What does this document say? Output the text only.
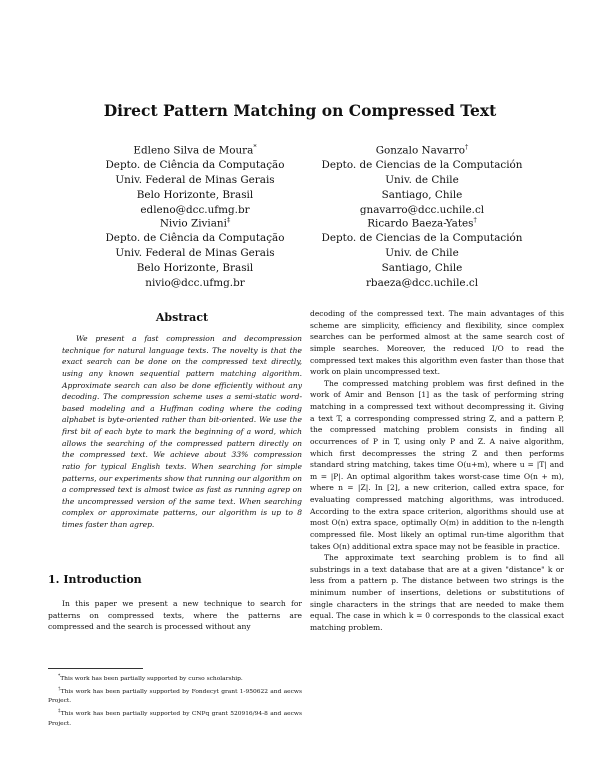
Direct Pattern Matching on Compressed Text
Edleno Silva de Moura*
Depto. de Ciência da Computação
Univ. Federal de Minas Gerais
Belo Horizonte, Brasil
edleno@dcc.ufmg.br
Gonzalo Navarro†
Depto. de Ciencias de la Computación
Univ. de Chile
Santiago, Chile
gnavarro@dcc.uchile.cl
Nivio Ziviani‡
Depto. de Ciência da Computação
Univ. Federal de Minas Gerais
Belo Horizonte, Brasil
nivio@dcc.ufmg.br
Ricardo Baeza-Yates†
Depto. de Ciencias de la Computación
Univ. de Chile
Santiago, Chile
rbaeza@dcc.uchile.cl
Abstract

We present a fast compression and decompression technique for natural language texts. The novelty is that the exact search can be done on the compressed text directly, using any known sequential pattern matching algorithm. Approximate search can also be done efficiently without any decoding. The compression scheme uses a semi-static word-based modeling and a Huffman coding where the coding alphabet is byte-oriented rather than bit-oriented. We use the first bit of each byte to mark the beginning of a word, which allows the searching of the compressed pattern directly on the compressed text. We achieve about 33% compression ratio for typical English texts. When searching for simple patterns, our experiments show that running our algorithm on a compressed text is almost twice as fast as running agrep on the uncompressed version of the same text. When searching complex or approximate patterns, our algorithm is up to 8 times faster than agrep.

1. Introduction

In this paper we present a new technique to search for patterns on compressed texts, where the patterns are compressed and the search is processed without any

*This work has been partially supported by curso scholarship.

†This work has been partially supported by Fondecyt grant 1-950622 and aecws Project.

‡This work has been partially supported by CNPq grant 520916/94-8 and aecws Project.

decoding of the compressed text. The main advantages of this scheme are simplicity, efficiency and flexibility, since complex searches can be performed almost at the same search cost of simple searches. Moreover, the reduced I/O to read the compressed text makes this algorithm even faster than those that work on plain uncompressed text.

The compressed matching problem was first defined in the work of Amir and Benson [1] as the task of performing string matching in a compressed text without decompressing it. Giving a text T, a corresponding compressed string Z, and a pattern P, the compressed matching problem consists in finding all occurrences of P in T, using only P and Z. A naive algorithm, which first decompresses the string Z and then performs standard string matching, takes time O(u+m), where u = |T| and m = |P|. An optimal algorithm takes worst-case time O(n + m), where n = |Z|. In [2], a new criterion, called extra space, for evaluating compressed matching algorithms, was introduced. According to the extra space criterion, algorithms should use at most O(n) extra space, optimally O(m) in addition to the n-length compressed file. Most likely an optimal run-time algorithm that takes O(n) additional extra space may not be feasible in practice.

The approximate text searching problem is to find all substrings in a text database that are at a given "distance" k or less from a pattern p. The distance between two strings is the minimum number of insertions, deletions or substitutions of single characters in the strings that are needed to make them equal. The case in which k = 0 corresponds to the classical exact matching problem.
